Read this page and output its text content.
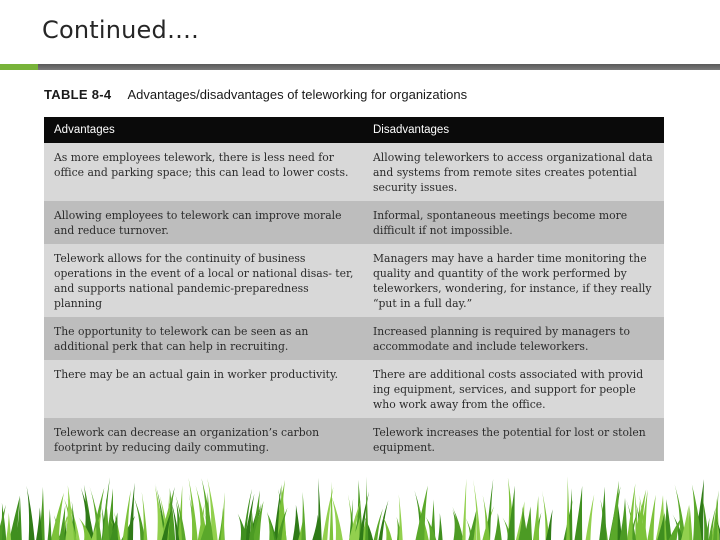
Continued….
TABLE 8-4 Advantages/disadvantages of teleworking for organizations
Advantages	Disadvantages
As more employees telework, there is less need for office and parking space; this can lead to lower costs.	Allowing teleworkers to access organizational data and systems from remote sites creates potential security issues.
Allowing employees to telework can improve morale and reduce turnover.	Informal, spontaneous meetings become more difficult if not impossible.
Telework allows for the continuity of business operations in the event of a local or national disas- ter, and supports national pandemic-preparedness planning	Managers may have a harder time monitoring the quality and quantity of the work performed by teleworkers, wondering, for instance, if they really “put in a full day.”
The opportunity to telework can be seen as an additional perk that can help in recruiting.	Increased planning is required by managers to accommodate and include teleworkers.
There may be an actual gain in worker productivity.	There are additional costs associated with provid ing equipment, services, and support for people who work away from the office.
Telework can decrease an organization’s carbon footprint by reducing daily commuting.	Telework increases the potential for lost or stolen equipment.
